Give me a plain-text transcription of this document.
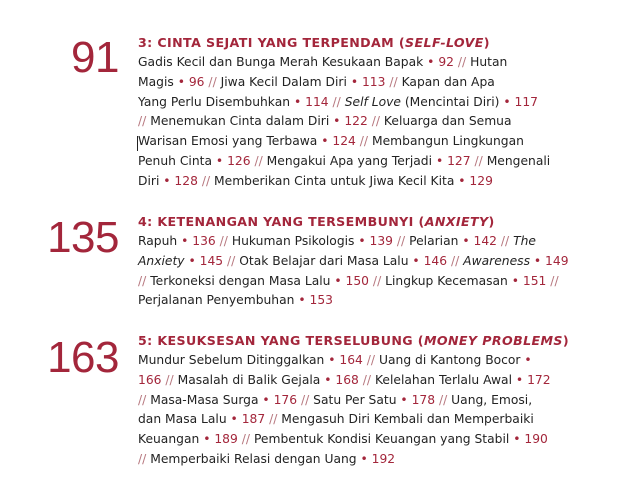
91 3: CINTA SEJATI YANG TERPENDAM (SELF-LOVE)
Gadis Kecil dan Bunga Merah Kesukaan Bapak • 92 // Hutan
Magis • 96 // Jiwa Kecil Dalam Diri • 113 // Kapan dan Apa
Yang Perlu Disembuhkan • 114 // Self Love (Mencintai Diri) • 117
// Menemukan Cinta dalam Diri • 122 // Keluarga dan Semua
Warisan Emosi yang Terbawa • 124 // Membangun Lingkungan
Penuh Cinta • 126 // Mengakui Apa yang Terjadi • 127 // Mengenali
Diri • 128 // Memberikan Cinta untuk Jiwa Kecil Kita • 129
135 4: KETENANGAN YANG TERSEMBUNYI (ANXIETY)
Rapuh • 136 // Hukuman Psikologis • 139 // Pelarian • 142 // The
Anxiety • 145 // Otak Belajar dari Masa Lalu • 146 // Awareness • 149
// Terkoneksi dengan Masa Lalu • 150 // Lingkup Kecemasan • 151 //
Perjalanan Penyembuhan • 153
163 5: KESUKSESAN YANG TERSELUBUNG (MONEY PROBLEMS)
Mundur Sebelum Ditinggalkan • 164 // Uang di Kantong Bocor •
166 // Masalah di Balik Gejala • 168 // Kelelahan Terlalu Awal • 172
// Masa-Masa Surga • 176 // Satu Per Satu • 178 // Uang, Emosi,
dan Masa Lalu • 187 // Mengasuh Diri Kembali dan Memperbaiki
Keuangan • 189 // Pembentuk Kondisi Keuangan yang Stabil • 190
// Memperbaiki Relasi dengan Uang • 192
